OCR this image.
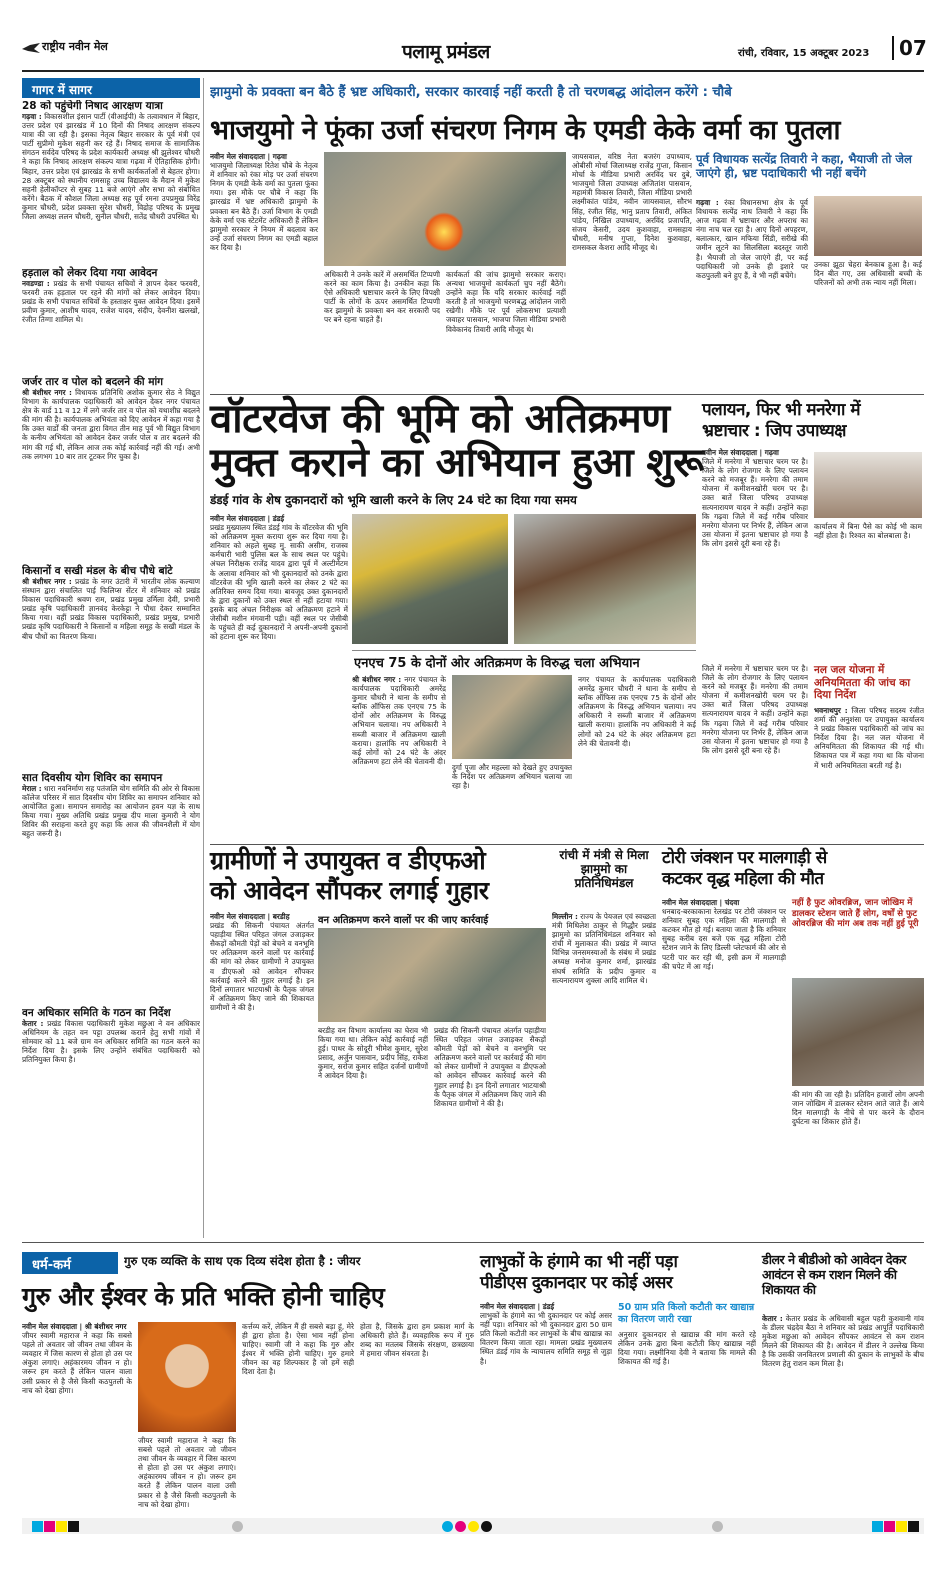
राष्ट्रीय नवीन मेल	पलामू प्रमंडल	रांची, रविवार, 15 अक्टूबर 2023	07
गागर में सागर
28 को पहुंचेगी निषाद आरक्षण यात्रा
गढ़वा : विकासशील इंसान पार्टी (वीआईपी) के तत्वावधान में बिहार, उत्तर प्रदेश एवं झारखंड में 10 दिनों की निषाद आरक्षण संकल्प यात्रा की जा रही है। इसका नेतृत्व बिहार सरकार के पूर्व मंत्री एवं पार्टी सुप्रीमो मुकेश सहनी कर रहे हैं। निषाद समाज के सामाजिक संगठन सर्वदेव परिषद के प्रदेश कार्यकारी अध्यक्ष श्री झुलेश्वर चौधरी ने कहा कि निषाद आरक्षण संकल्प यात्रा गढ़वा में ऐतिहासिक होगी। बिहार, उत्तर प्रदेश एवं झारखंड के सभी कार्यकर्ताओं से बेहतर होगा। 28 अक्टूबर को स्थानीय रामसाहू उच्च विद्यालय के मैदान में मुकेश सहनी हेलीकॉप्टर से सुबह 11 बजे आएंगे और सभा को संबोधित करेंगे। बैठक में कौशल जिला अध्यक्ष सह पूर्व रमना उपप्रमुख विरेंद्र कुमार चौधरी, प्रदेश प्रवक्ता सुरेश चौधरी, विद्रोह परिषद के प्रमुख जिला अध्यक्ष ललन चौधरी, सुनील चौधरी, सतेंद्र चौधरी उपस्थित थे।
हड़ताल को लेकर दिया गया आवेदन
नवडण्डा : प्रखंड के सभी पंचायत सचिवों ने ज्ञापन देकर फरवरी, फरवरी तक हड़ताल पर रहने की मांगों को लेकर आवेदन दिया। प्रखंड के सभी पंचायत सचिवों के हस्ताक्षर युक्त आवेदन दिया। इसमें प्रवीण कुमार, आशीष यादव, राजेश यादव, संदीप, देवनीश खलखो, रंजीत तिग्गा शामिल थे।
जर्जर तार व पोल को बदलने की मांग
श्री बंशीधर नगर : विधायक प्रतिनिधि अशोक कुमार सेठ ने विद्युत विभाग के कार्यपालक पदाधिकारी को आवेदन देकर नगर पंचायत क्षेत्र के वार्ड 11 व 12 में लगे जर्जर तार व पोल को यथाशीघ्र बदलने की मांग की है। कार्यपालक अभियंता को दिए आवेदन में कहा गया है कि उक्त वार्डों की जनता द्वारा विगत तीन माह पूर्व भी विद्युत विभाग के कनीय अभियंता को आवेदन देकर जर्जर पोल व तार बदलने की मांग की गई थी, लेकिन आज तक कोई कार्रवाई नहीं की गई। अभी तक लगभग 10 बार तार टूटकर गिर चुका है।
किसानों व सखी मंडल के बीच पौधे बांटे
श्री बंशीधर नगर : प्रखंड के नगर उंटारी में भारतीय लोक कल्याण संस्थान द्वारा संचालित पाई फिलिप्स सेंटर में शनिवार को प्रखंड विकास पदाधिकारी श्रवण राम, प्रखंड प्रमुख उर्मिला देवी, प्रभारी प्रखंड कृषि पदाधिकारी ज्ञानवंद केरकेट्टा ने पौधा देकर सम्मानित किया गया। वहीं प्रखंड विकास पदाधिकारी, प्रखंड प्रमुख, प्रभारी प्रखंड कृषि पदाधिकारी ने किसानों व महिला समूह के सखी मंडल के बीच पौधों का वितरण किया।
सात दिवसीय योग शिविर का समापन
मेराल : धारा नवनिर्माण सह पतंजलि योग समिति की ओर से विकास कॉलेज परिसर में सात दिवसीय योग शिविर का समापन शनिवार को आयोजित हुआ। समापन समारोह का आयोजन हवन यज्ञ के साथ किया गया। मुख्य अतिथि प्रखंड प्रमुख दीप माला कुमारी ने योग शिविर की सराहना करते हुए कहा कि आज की जीवनशैली में योग बहुत जरूरी है।
वन अधिकार समिति के गठन का निर्देश
केतार : प्रखंड विकास पदाधिकारी मुकेश मछुआ ने वन अधिकार अधिनियम के तहत वन पट्टा उपलब्ध कराने हेतु सभी गांवों में सोमवार को 11 बजे ग्राम वन अधिकार समिति का गठन करने का निर्देश दिया है। इसके लिए उन्होंने संबंधित पदाधिकारी को प्रतिनियुक्त किया है।
झामुमो के प्रवक्ता बन बैठे हैं भ्रष्ट अधिकारी, सरकार कारवाई नहीं करती है तो चरणबद्ध आंदोलन करेंगे : चौबे
भाजयुमो ने फूंका उर्जा संचरण निगम के एमडी केके वर्मा का पुतला
नवीन मेल संवाददाता | गढ़वा
भाजयुमो जिलाध्यक्ष रितेश चौबे के नेतृत्व में शनिवार को रंका मोड़ पर उर्जा संचरण निगम के एमडी केके वर्मा का पुतला फूंका गया। इस मौके पर चौबे ने कहा कि झारखंड में भ्रष्ट अधिकारी झामुमो के प्रवक्ता बन बैठे हैं। उर्जा विभाग के एमडी केके वर्मा एक स्टेटमेंट अधिकारी हैं लेकिन झामुमो सरकार ने नियम में बदलाव कर उन्हें उर्जा संचरण निगम का एमडी बहाल कर दिया है।
अधिकारी ने उनके कारें में असमर्थित टिप्पणी करने का काम किया है। उनकीन कहा कि ऐसे अधिकारी भ्रष्टाचार करने के लिए विपक्षी पार्टी के लोगों के ऊपर असमर्थित टिप्पणी कर झामुमो के प्रवक्ता बन कर सरकारी पद पर बने रहना चाहते हैं।
कार्यकर्ता की जांच झामुमो सरकार कराए। अन्यथा भाजयुमो कार्यकर्ता चुप नहीं बैठेंगे। उन्होंने कहा कि यदि सरकार कार्रवाई नहीं करती है तो भाजयुमो चरणबद्ध आंदोलन जारी रखेगी। मौके पर पूर्व लोकसभा प्रत्याशी जवाहर पासवान, भाजपा जिला मीडिया प्रभारी विवेकानंद तिवारी आदि मौजूद थे।
जायसवाल, वरिष्ठ नेता बजरंग उपाध्याय, ओबीसी मोर्चा जिलाध्यक्ष राजेंद्र गुप्ता, किसान मोर्चा के मीडिया प्रभारी अरविंद चर दुबे, भाजयुमो जिला उपाध्यक्ष अजितांश पासवान, महामंत्री विकास तिवारी, जिला मीडिया प्रभारी लक्ष्मीकांत पांडेय, नवीन जायसवाल, सौरभ सिंह, रंजीत सिंह, भानु प्रताप तिवारी, अंकित पांडेय, निखिल उपाध्याय, अरविंद प्रजापति, संजय केसरी, उदय कुशवाहा, रामसहाय चौधरी, मनीष गुप्ता, दिनेश कुशवाहा, रामसकल केशरा आदि मौजूद थे।
पूर्व विधायक सत्येंद्र तिवारी ने कहा, भैयाजी तो जेल जाएंगे ही, भ्रष्ट पदाधिकारी भी नहीं बचेंगे
गढ़वा : रंका विधानसभा क्षेत्र के पूर्व विधायक सत्येंद्र नाथ तिवारी ने कहा कि आज गढ़वा में भ्रष्टाचार और अपराध का नंगा नाच चल रहा है। आए दिनों अपहरण, बलात्कार, खान मफिया सिंडी, सरीखे की जमीन लूटने का सिलसिला बदस्तूर जारी है। भैयाजी तो जेल जाएंगे ही, पर कई पदाधिकारी जो उनके ही इशारे पर कठपुतली बने हुए हैं, वे भी नहीं बचेंगे।
उनका झूठा चेहरा बेनकाब हुआ है। कई दिन बीत गए, उस अधिवासी बच्ची के परिजनों को अभी तक न्याय नहीं मिला।
वॉटरवेज की भूमि को अतिक्रमण
मुक्त कराने का अभियान हुआ शुरू
डंडई गांव के शेष दुकानदारों को भूमि खाली करने के लिए 24 घंटे का दिया गया समय
नवीन मेल संवाददाता | डंडई
प्रखंड मुख्यालय स्थित डंडई गांव के वॉटरवेज की भूमि को अतिक्रमण मुक्त कराया शुरू कर दिया गया है। शनिवार को अहले सुबह मु. साकी असीम, राजस्व कर्मचारी भारी पुलिस बल के साथ स्थल पर पहुंचे। अंचल निरीक्षक राजेंद्र यादव द्वारा पूर्व में अल्टीमेटम के अलावा शनिवार को भी दुकानदारों को उनके द्वारा वॉटरवेज की भूमि खाली करने का लेकर 2 घंटे का अतिरिक्त समय दिया गया। बावजूद उक्त दुकानदारों के द्वारा दुकानों को उक्त स्थल से नहीं हटाया गया। इसके बाद अंचल निरीक्षक को अतिक्रमण हटाने में जेसीबी मशीन मंगवानी पड़ी। वहीं स्थल पर जेसीबी के पहुंचते ही कई दुकानदारों ने अपनी-अपनी दुकानों को हटाना शुरू कर दिया।
एनएच 75 के दोनों ओर अतिक्रमण के विरुद्ध चला अभियान
श्री बंशीधर नगर : नगर पंचायत के कार्यपालक पदाधिकारी अमरेंद्र कुमार चौधरी ने थाना के समीप से ब्लॉक ऑफिस तक एनएच 75 के दोनों ओर अतिक्रमण के विरुद्ध अभियान चलाया। नप अधिकारी ने सब्जी बाजार में अतिक्रमण खाली कराया। हालांकि नप अधिकारी ने कई लोगों को 24 घंटे के अंदर अतिक्रमण हटा लेने की चेतावनी दी।
दुर्गा पूजा और महल्ला को देखते हुए उपायुक्त के निर्देश पर अतिक्रमण अभियान चलाया जा रहा है।
नगर पंचायत के कार्यपालक पदाधिकारी अमरेंद्र कुमार चौधरी ने थाना के समीप से ब्लॉक ऑफिस तक एनएच 75 के दोनों ओर अतिक्रमण के विरुद्ध अभियान चलाया। नप अधिकारी ने सब्जी बाजार में अतिक्रमण खाली कराया। हालांकि नप अधिकारी ने कई लोगों को 24 घंटे के अंदर अतिक्रमण हटा लेने की चेतावनी दी।
पलायन, फिर भी मनरेगा में
भ्रष्टाचार : जिप उपाध्यक्ष
नवीन मेल संवाददाता | गढ़वा
जिले में मनरेगा में भ्रष्टाचार चरम पर है। जिले के लोग रोजगार के लिए पलायन करने को मजबूर हैं। मनरेगा की तमाम योजना में कमीशनखोरी चरम पर है। उक्त बातें जिला परिषद उपाध्यक्ष सत्यनारायण यादव ने कहीं। उन्होंने कहा कि गढ़वा जिले में कई गरीब परिवार मनरेगा योजना पर निर्भर हैं, लेकिन आज उस योजना में इतना भ्रष्टाचार हो गया है कि लोग इससे दूरी बना रहे हैं।
कार्यालय में बिना पैसे का कोई भी काम नहीं होता है। रिश्वत का बोलबाला है।
नल जल योजना में अनियमितता की जांच का दिया निर्देश
भवनाथपुर : जिला परिषद सदस्य रंजीत शर्मा की अनुशंसा पर उपायुक्त कार्यालय ने प्रखंड विकास पदाधिकारी को जांच का निर्देश दिया है। नल जल योजना में अनियमितता की शिकायत की गई थी। शिकायत पत्र में कहा गया था कि योजना में भारी अनियमितता बरती गई है।
जिले में मनरेगा में भ्रष्टाचार चरम पर है। जिले के लोग रोजगार के लिए पलायन करने को मजबूर हैं। मनरेगा की तमाम योजना में कमीशनखोरी चरम पर है। उक्त बातें जिला परिषद उपाध्यक्ष सत्यनारायण यादव ने कहीं। उन्होंने कहा कि गढ़वा जिले में कई गरीब परिवार मनरेगा योजना पर निर्भर हैं, लेकिन आज उस योजना में इतना भ्रष्टाचार हो गया है कि लोग इससे दूरी बना रहे हैं।
ग्रामीणों ने उपायुक्त व डीएफओ
को आवेदन सौंपकर लगाई गुहार
नवीन मेल संवाददाता | बरडीह
प्रखंड की सिकनी पंचायत अंतर्गत पहाड़ीया स्थित परिहत जंगल उजाड़कर सैकड़ों कौमती पेड़ों को बेचने व वनभूमि पर अतिक्रमण करने वालों पर कार्रवाई की मांग को लेकर ग्रामीणों ने उपायुक्त व डीएफओ को आवेदन सौंपकर कार्रवाई करने की गुहार लगाई है। इन दिनों लगातार भाटयाश्री के पैतृक जंगल में अतिक्रमण किए जाने की शिकायत ग्रामीणों ने की है।
वन अतिक्रमण करने वालों पर की जाए कार्रवाई
बरडीह वन विभाग कार्यालय का घेराव भी किया गया था। लेकिन कोई कार्रवाई नहीं हुई। पाथर के सोदूरी भीमेश कुमार, सुरेश प्रसाद, अर्जुन पासवान, प्रदीप सिंह, राकेश कुमार, सरोज कुमार सहित दर्जनों ग्रामीणों ने आवेदन दिया है।
प्रखंड की सिकनी पंचायत अंतर्गत पहाड़ीया स्थित परिहत जंगल उजाड़कर सैकड़ों कौमती पेड़ों को बेचने व वनभूमि पर अतिक्रमण करने वालों पर कार्रवाई की मांग को लेकर ग्रामीणों ने उपायुक्त व डीएफओ को आवेदन सौंपकर कार्रवाई करने की गुहार लगाई है। इन दिनों लगातार भाटयाश्री के पैतृक जंगल में अतिक्रमण किए जाने की शिकायत ग्रामीणों ने की है।
रांची में मंत्री से मिला झामुमो का प्रतिनिधिमंडल
मिल्लीन : राज्य के पेयजल एवं स्वच्छता मंत्री मिथिलेश ठाकुर से गिद्धौर प्रखंड झामुमो का प्रतिनिधिमंडल शनिवार को रांची में मुलाकात की। प्रखंड में व्याप्त विभिन्न जनसमस्याओं के संबंध में प्रखंड अध्यक्ष मनोज कुमार शर्मा, झारखंड संघर्ष समिति के प्रदीप कुमार व सत्यनारायण शुक्ला आदि शामिल थे।
टोरी जंक्शन पर मालगाड़ी से
कटकर वृद्ध महिला की मौत
नवीन मेल संवाददाता | चंदवा
धनबाद-बरकाकाना रेलखंड पर टोरी जंक्शन पर शनिवार सुबह एक महिला की मालगाड़ी से कटकर मौत हो गई। बताया जाता है कि शनिवार सुबह करीब दस बजे एक वृद्ध महिला टोरी स्टेशन जाने के लिए डिल्ली प्लेटफार्म की ओर से पटरी पार कर रही थी, इसी क्रम में मालगाड़ी की चपेट में आ गई।
नहीं है फुट ओवरब्रिज, जान जोखिम में डालकर स्टेशन जाते हैं लोग, वर्षों से फुट ओवरब्रिज की मांग अब तक नहीं हुई पूरी
की मांग की जा रही है। प्रतिदिन हजारों लोग अपनी जान जोखिम में डालकर स्टेशन आते जाते हैं। आये दिन मालगाड़ी के नीचे से पार करने के दौरान दुर्घटना का शिकार होते हैं।
धर्म-कर्म	गुरु एक व्यक्ति के साथ एक दिव्य संदेश होता है : जीयर
गुरु और ईश्वर के प्रति भक्ति होनी चाहिए
नवीन मेल संवाददाता | श्री बंशीधर नगर
जीयर स्वामी महाराज ने कहा कि सबसे पहले तो अवतार जो जीवन तथा जीवन के व्यवहार में जिस कारण से होता हो उस पर अंकुश लगाएं। अहंकारमय जीवन न हो। जरूर हम करते हैं लेकिन पालन वाला उसी प्रकार से है जैसे किसी कठपुतली के नाच को देखा होगा।
जीयर स्वामी महाराज ने कहा कि सबसे पहले तो अवतार जो जीवन तथा जीवन के व्यवहार में जिस कारण से होता हो उस पर अंकुश लगाएं। अहंकारमय जीवन न हो। जरूर हम करते हैं लेकिन पालन वाला उसी प्रकार से है जैसे किसी कठपुतली के नाच को देखा होगा।
कर्त्तव्य करें, लेकिन मैं ही सबसे बड़ा हूं, मेरे ही द्वारा होता है। ऐसा भाव नहीं होना चाहिए। स्वामी जी ने कहा कि गुरु और ईश्वर में भक्ति होनी चाहिए। गुरु हमारे जीवन का वह शिल्पकार है जो हमें सही दिशा देता है।
होता है, जिसके द्वारा हम प्रकाश मार्ग के अधिकारी होते हैं। व्यवहारिक रूप में गुरु शब्द का मतलब जिसके संरक्षण, छत्रछाया में हमारा जीवन संवरता है।
लाभुकों के हंगामे का भी नहीं पड़ा
पीडीएस दुकानदार पर कोई असर
नवीन मेल संवाददाता | डंडई
लाभुकों के हंगामे का भी दुकानदार पर कोई असर नहीं पड़ा। शनिवार को भी दुकानदार द्वारा 50 ग्राम प्रति किलो कटौती कर लाभुकों के बीच खाद्यान्न का वितरण किया जाता रहा। मामला प्रखंड मुख्यालय स्थित डंडई गांव के न्यायालय समिति समूह से जुड़ा है।
50 ग्राम प्रति किलो कटौती कर खाद्यान्न का वितरण जारी रखा
अनुसार दुकानदार से खाद्यान्न की मांग करते रहे लेकिन उनके द्वारा बिना कटौती किए खाद्यान्न नहीं दिया गया। लक्ष्मीनिया देवी ने बताया कि मामले की शिकायत की गई है।
डीलर ने बीडीओ को आवेदन देकर आवंटन से कम राशन मिलने की शिकायत की
केतार : केतार प्रखंड के अधिवासी बहुल पहरी कुशवानी गांव के डीलर चंद्रदेव बैठा ने शनिवार को प्रखंड आपूर्ति पदाधिकारी मुकेश मछुआ को आवेदन सौंपकर आवंटन से कम राशन मिलने की शिकायत की है। आवेदन में डीलर ने उल्लेख किया है कि उसकी जनवितरण प्रणाली की दुकान के लाभुकों के बीच वितरण हेतु राशन कम मिला है।
